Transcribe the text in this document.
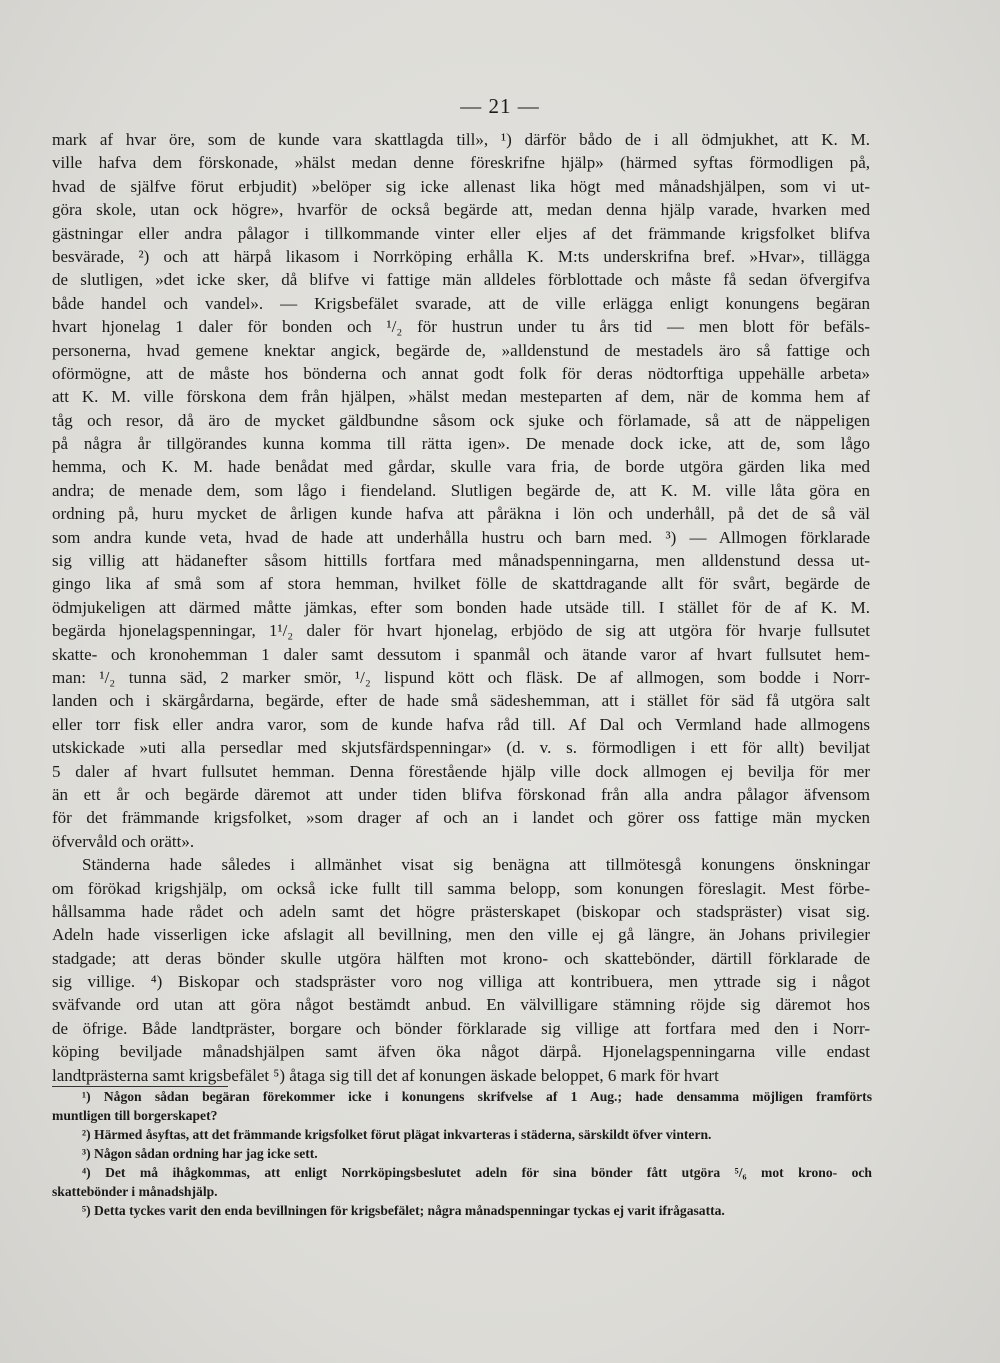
— 21 —
mark af hvar öre, som de kunde vara skattlagda till», ¹) därför bådo de i all ödmjukhet, att K. M.
ville hafva dem förskonade, »hälst medan denne föreskrifne hjälp» (härmed syftas förmodligen på,
hvad de själfve förut erbjudit) »belöper sig icke allenast lika högt med månadshjälpen, som vi ut-
göra skole, utan ock högre», hvarför de också begärde att, medan denna hjälp varade, hvarken med
gästningar eller andra pålagor i tillkommande vinter eller eljes af det främmande krigsfolket blifva
besvärade, ²) och att härpå likasom i Norrköping erhålla K. M:ts underskrifna bref. »Hvar», tillägga
de slutligen, »det icke sker, då blifve vi fattige män alldeles förblottade och måste få sedan öfvergifva
både handel och vandel». — Krigsbefälet svarade, att de ville erlägga enligt konungens begäran
hvart hjonelag 1 daler för bonden och ¹/₂ för hustrun under tu års tid — men blott för befäls-
personerna, hvad gemene knektar angick, begärde de, »alldenstund de mestadels äro så fattige och
oförmögne, att de måste hos bönderna och annat godt folk för deras nödtorftiga uppehälle arbeta»
att K. M. ville förskona dem från hjälpen, »hälst medan mesteparten af dem, när de komma hem af
tåg och resor, då äro de mycket gäldbundne såsom ock sjuke och förlamade, så att de näppeligen
på några år tillgörandes kunna komma till rätta igen». De menade dock icke, att de, som lågo
hemma, och K. M. hade benådat med gårdar, skulle vara fria, de borde utgöra gärden lika med
andra; de menade dem, som lågo i fiendeland. Slutligen begärde de, att K. M. ville låta göra en
ordning på, huru mycket de årligen kunde hafva att påräkna i lön och underhåll, på det de så väl
som andra kunde veta, hvad de hade att underhålla hustru och barn med. ³) — Allmogen förklarade
sig villig att hädanefter såsom hittills fortfara med månadspenningarna, men alldenstund dessa ut-
gingo lika af små som af stora hemman, hvilket fölle de skattdragande allt för svårt, begärde de
ödmjukeligen att därmed måtte jämkas, efter som bonden hade utsäde till. I stället för de af K. M.
begärda hjonelagspenningar, 1¹/₂ daler för hvart hjonelag, erbjödo de sig att utgöra för hvarje fullsutet
skatte- och kronohemman 1 daler samt dessutom i spanmål och ätande varor af hvart fullsutet hem-
man: ¹/₂ tunna säd, 2 marker smör, ¹/₂ lispund kött och fläsk. De af allmogen, som bodde i Norr-
landen och i skärgårdarna, begärde, efter de hade små sädeshemman, att i stället för säd få utgöra salt
eller torr fisk eller andra varor, som de kunde hafva råd till. Af Dal och Vermland hade allmogens
utskickade »uti alla persedlar med skjutsfärdspenningar» (d. v. s. förmodligen i ett för allt) beviljat
5 daler af hvart fullsutet hemman. Denna förestående hjälp ville dock allmogen ej bevilja för mer
än ett år och begärde däremot att under tiden blifva förskonad från alla andra pålagor äfvensom
för det främmande krigsfolket, »som drager af och an i landet och görer oss fattige män mycken
öfvervåld och orätt».
Ständerna hade således i allmänhet visat sig benägna att tillmötesgå konungens önskningar
om förökad krigshjälp, om också icke fullt till samma belopp, som konungen föreslagit. Mest förbe-
hållsamma hade rådet och adeln samt det högre prästerskapet (biskopar och stadspräster) visat sig.
Adeln hade visserligen icke afslagit all bevillning, men den ville ej gå längre, än Johans privilegier
stadgade; att deras bönder skulle utgöra hälften mot krono- och skattebönder, därtill förklarade de
sig villige. ⁴) Biskopar och stadspräster voro nog villiga att kontribuera, men yttrade sig i något
sväfvande ord utan att göra något bestämdt anbud. En välvilligare stämning röjde sig däremot hos
de öfrige. Både landtpräster, borgare och bönder förklarade sig villige att fortfara med den i Norr-
köping beviljade månadshjälpen samt äfven öka något därpå. Hjonelagspenningarna ville endast
landtprästerna samt krigsbefälet ⁵) åtaga sig till det af konungen äskade beloppet, 6 mark för hvart
¹) Någon sådan begäran förekommer icke i konungens skrifvelse af 1 Aug.; hade densamma möjligen framförts
muntligen till borgerskapet?
²) Härmed åsyftas, att det främmande krigsfolket förut plägat inkvarteras i städerna, särskildt öfver vintern.
³) Någon sådan ordning har jag icke sett.
⁴) Det må ihågkommas, att enligt Norrköpingsbeslutet adeln för sina bönder fått utgöra ⁵/₆ mot krono- och
skattebönder i månadshjälp.
⁵) Detta tyckes varit den enda bevillningen för krigsbefälet; några månadspenningar tyckas ej varit ifrågasatta.
